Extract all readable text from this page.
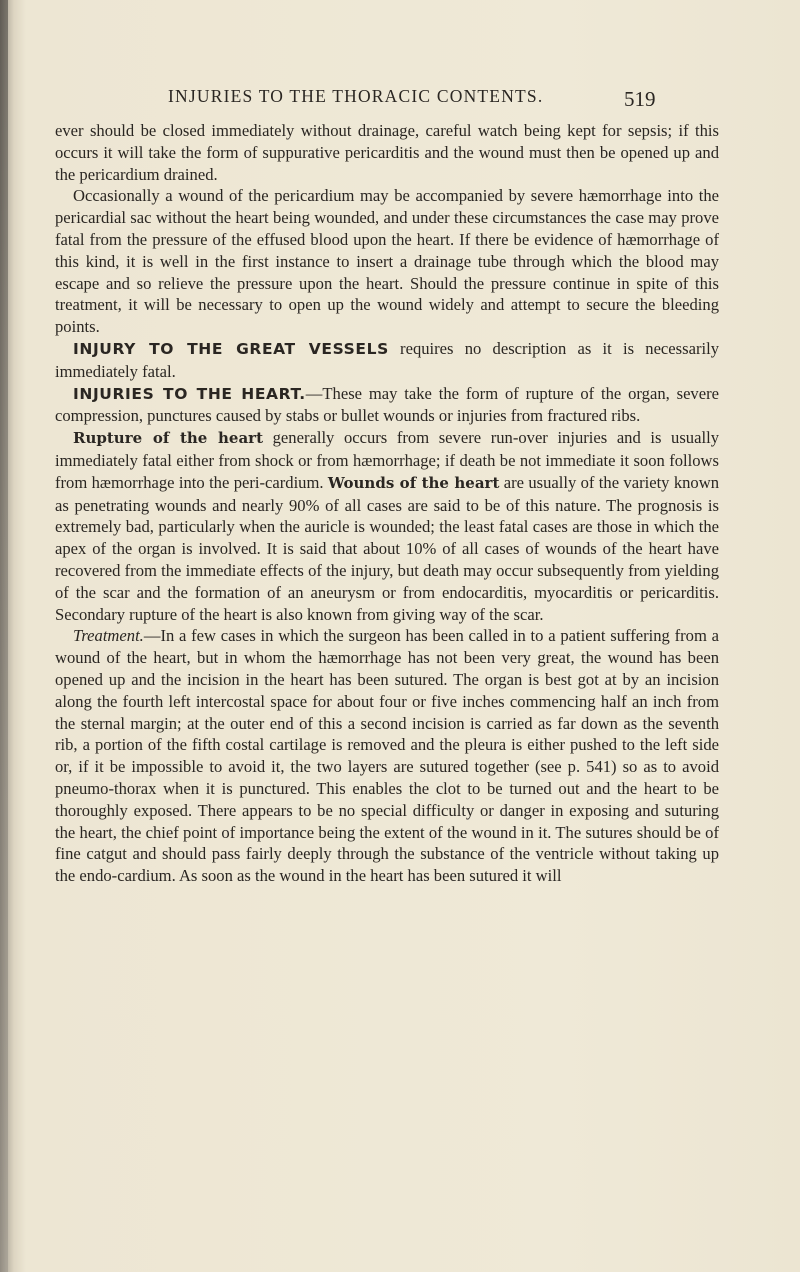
INJURIES TO THE THORACIC CONTENTS.	519

ever should be closed immediately without drainage, careful watch being kept for sepsis; if this occurs it will take the form of suppurative pericarditis and the wound must then be opened up and the pericardium drained.

Occasionally a wound of the pericardium may be accompanied by severe hæmorrhage into the pericardial sac without the heart being wounded, and under these circumstances the case may prove fatal from the pressure of the effused blood upon the heart. If there be evidence of hæmorrhage of this kind, it is well in the first instance to insert a drainage tube through which the blood may escape and so relieve the pressure upon the heart. Should the pressure continue in spite of this treatment, it will be necessary to open up the wound widely and attempt to secure the bleeding points.

INJURY TO THE GREAT VESSELS requires no description as it is necessarily immediately fatal.

INJURIES TO THE HEART.—These may take the form of rupture of the organ, severe compression, punctures caused by stabs or bullet wounds or injuries from fractured ribs.

Rupture of the heart generally occurs from severe run-over injuries and is usually immediately fatal either from shock or from hæmorrhage; if death be not immediate it soon follows from hæmorrhage into the peri-cardium. Wounds of the heart are usually of the variety known as penetrating wounds and nearly 90% of all cases are said to be of this nature. The prognosis is extremely bad, particularly when the auricle is wounded; the least fatal cases are those in which the apex of the organ is involved. It is said that about 10% of all cases of wounds of the heart have recovered from the immediate effects of the injury, but death may occur subsequently from yielding of the scar and the formation of an aneurysm or from endocarditis, myocarditis or pericarditis. Secondary rupture of the heart is also known from giving way of the scar.

Treatment.—In a few cases in which the surgeon has been called in to a patient suffering from a wound of the heart, but in whom the hæmorrhage has not been very great, the wound has been opened up and the incision in the heart has been sutured. The organ is best got at by an incision along the fourth left intercostal space for about four or five inches commencing half an inch from the sternal margin; at the outer end of this a second incision is carried as far down as the seventh rib, a portion of the fifth costal cartilage is removed and the pleura is either pushed to the left side or, if it be impossible to avoid it, the two layers are sutured together (see p. 541) so as to avoid pneumo-thorax when it is punctured. This enables the clot to be turned out and the heart to be thoroughly exposed. There appears to be no special difficulty or danger in exposing and suturing the heart, the chief point of importance being the extent of the wound in it. The sutures should be of fine catgut and should pass fairly deeply through the substance of the ventricle without taking up the endo-cardium. As soon as the wound in the heart has been sutured it will
